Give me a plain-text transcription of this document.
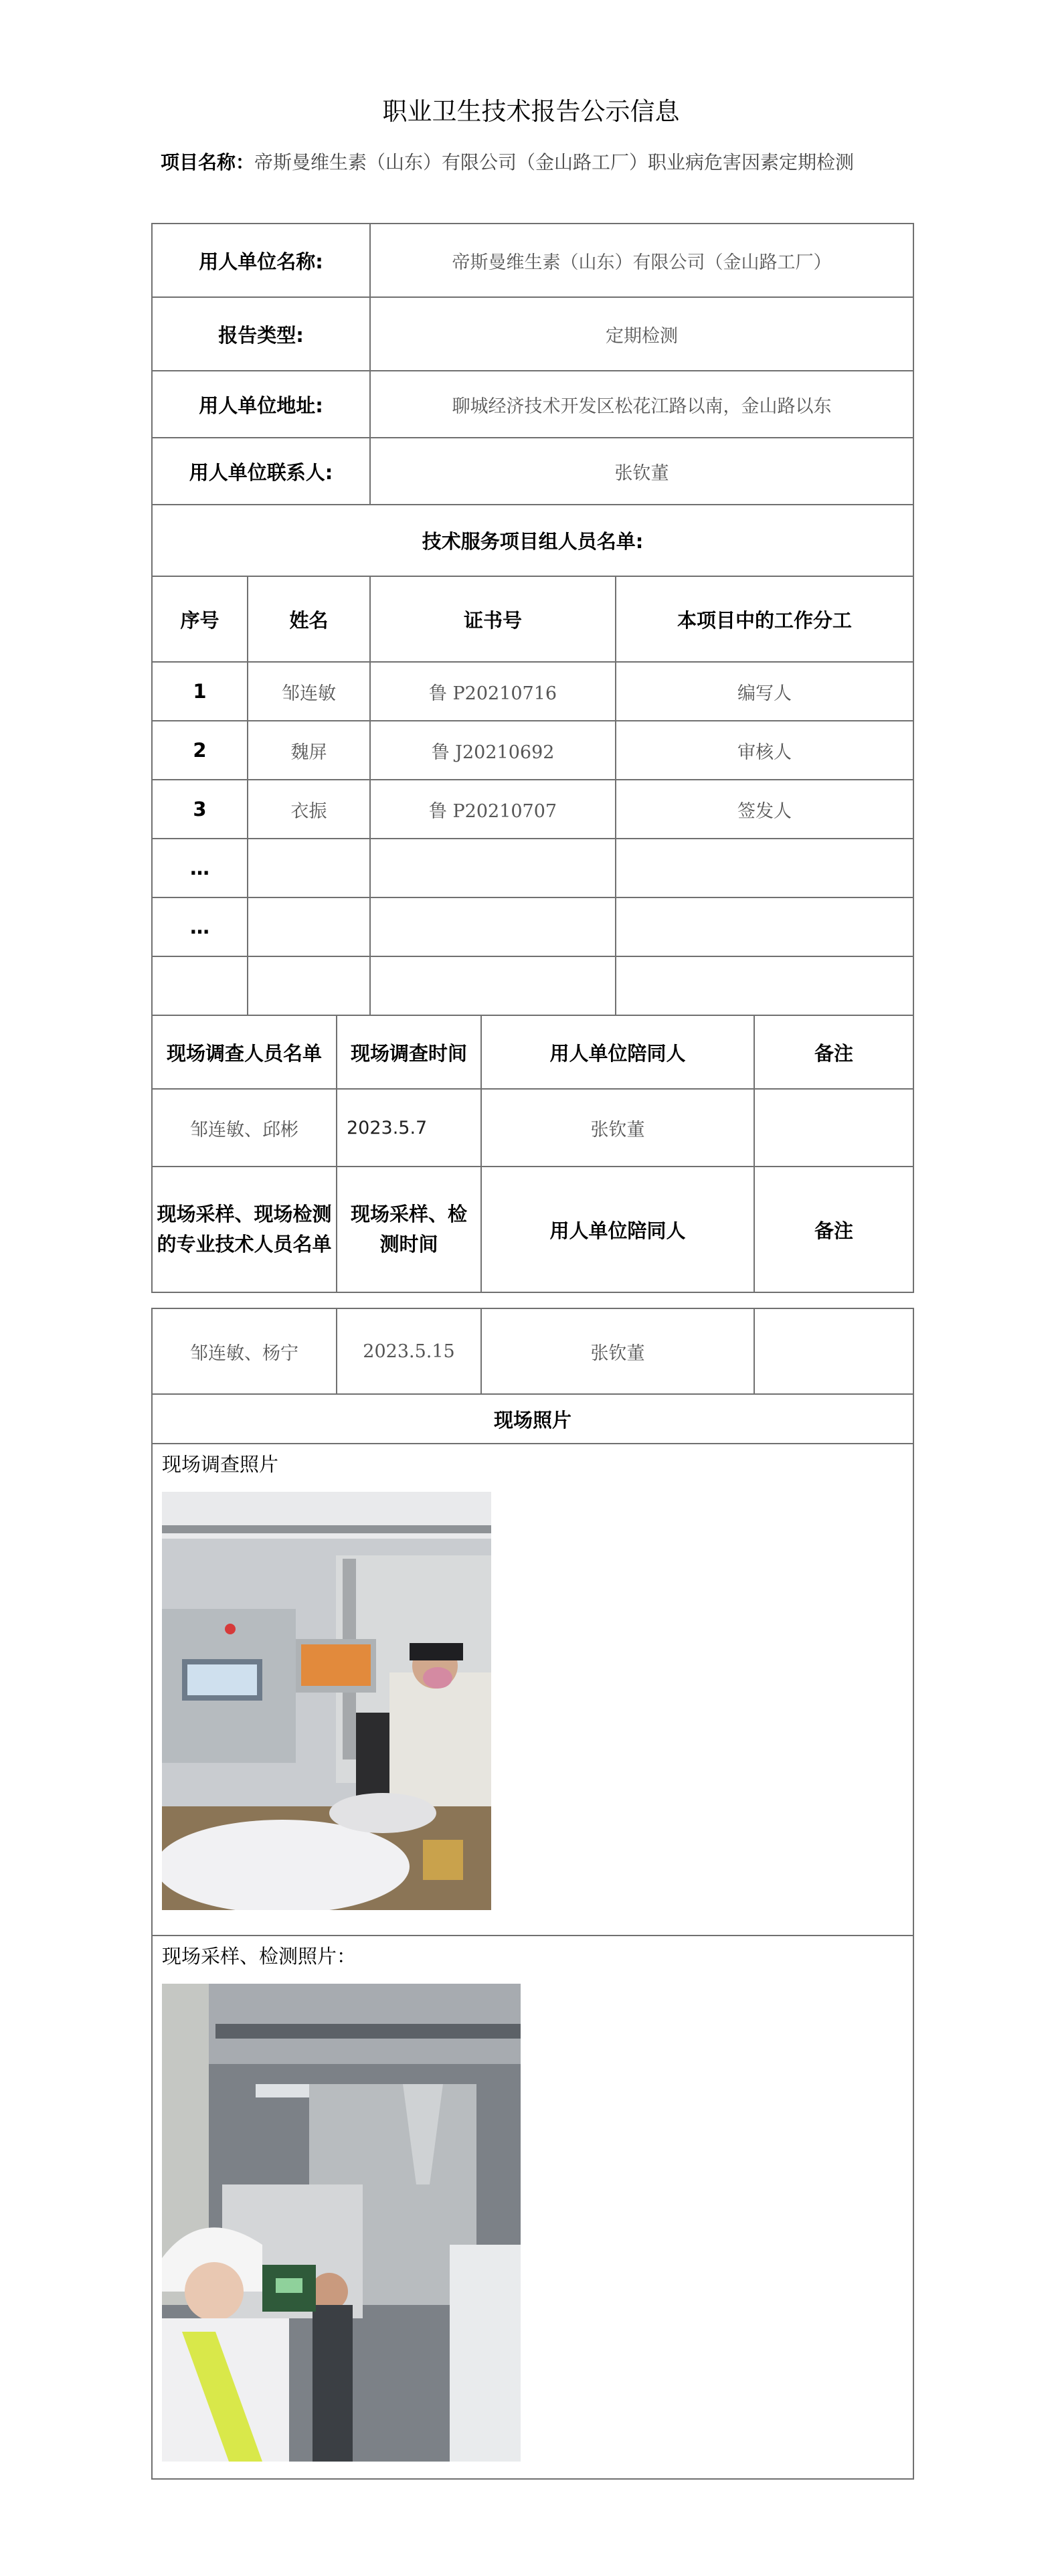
职业卫生技术报告公示信息
项目名称：帝斯曼维生素（山东）有限公司（金山路工厂）职业病危害因素定期检测
用人单位名称:			帝斯曼维生素（山东）有限公司（金山路工厂）			
报告类型:			定期检测			
用人单位地址:			聊城经济技术开发区松花江路以南，金山路以东			
用人单位联系人:			张钦董			
技术服务项目组人员名单:						
序号	姓名		证书号		本项目中的工作分工	
1	邹连敏		鲁 P20210716		编写人	
2	魏屏		鲁 J20210692		审核人	
3	衣振		鲁 P20210707		签发人	
…						
…						

现场调查人员名单		现场调查时间		用人单位陪同人		备注
邹连敏、邱彬		2023.5.7		张钦董		
现场采样、现场检测的专业技术人员名单		现场采样、检测时间		用人单位陪同人		备注
邹连敏、杨宁	2023.5.15	张钦董	
现场照片

现场调查照片

现场采样、检测照片：
